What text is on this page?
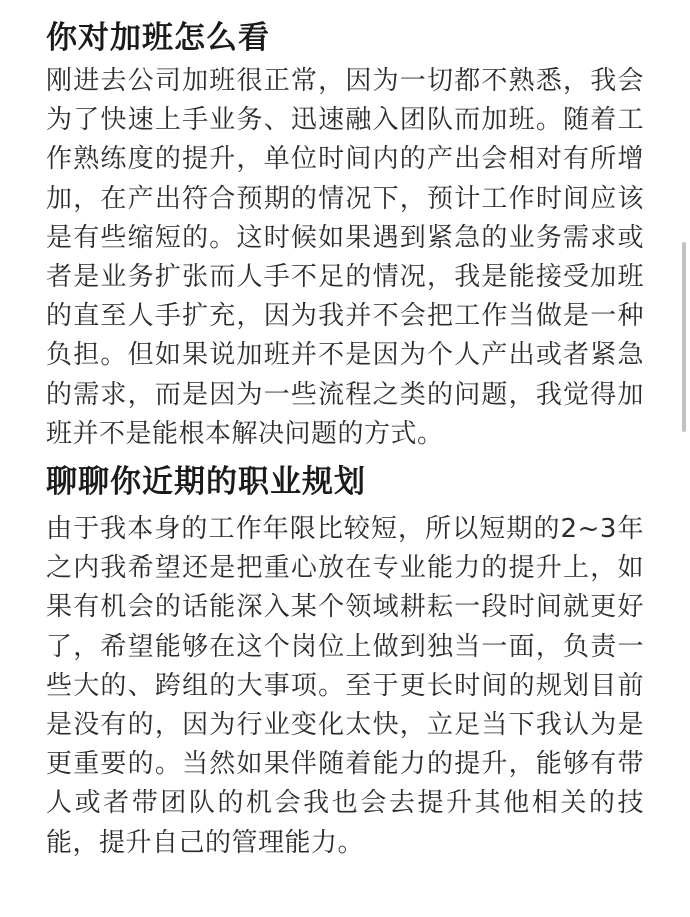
你对加班怎么看

刚进去公司加班很正常，因为一切都不熟悉，我会为了快速上手业务、迅速融入团队而加班。随着工作熟练度的提升，单位时间内的产出会相对有所增加，在产出符合预期的情况下，预计工作时间应该是有些缩短的。这时候如果遇到紧急的业务需求或者是业务扩张而人手不足的情况，我是能接受加班的直至人手扩充，因为我并不会把工作当做是一种负担。但如果说加班并不是因为个人产出或者紧急的需求，而是因为一些流程之类的问题，我觉得加班并不是能根本解决问题的方式。

聊聊你近期的职业规划

由于我本身的工作年限比较短，所以短期的2~3年之内我希望还是把重心放在专业能力的提升上，如果有机会的话能深入某个领域耕耘一段时间就更好了，希望能够在这个岗位上做到独当一面，负责一些大的、跨组的大事项。至于更长时间的规划目前是没有的，因为行业变化太快，立足当下我认为是更重要的。当然如果伴随着能力的提升，能够有带人或者带团队的机会我也会去提升其他相关的技能，提升自己的管理能力。
